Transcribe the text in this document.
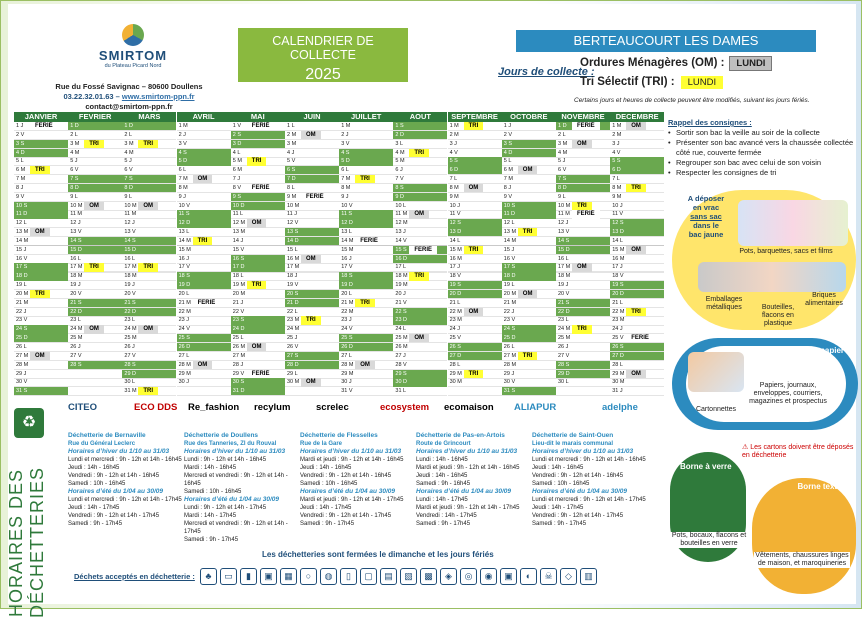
SMIRTOM
du Plateau Picard Nord
Rue du Fossé Savignac – 80600 Doullens
03.22.32.01.63 – www.smirtom-ppn.fr
contact@smirtom-ppn.fr
CALENDRIER DE COLLECTE
2025
BERTEAUCOURT LES DAMES
Jours de collecte :
Ordures Ménagères (OM) : LUNDI
Tri Sélectif (TRI) : LUNDI
Certains jours et heures de collecte peuvent être modifiés, suivant les jours fériés.
JANVIER
1 J	FERIÉ
2 V
3 S
4 D
5 L
6 M	TRI
7 M
8 J
9 V
10 S
11 D
12 L
13 M	OM
14 M
15 J
16 V
17 S
18 D
19 L
20 M	TRI
21 M
22 J
23 V
24 S
25 D
26 L
27 M	OM
28 M
29 J
30 V
31 S
FEVRIER
1 D
2 L
3 M	TRI
4 M
5 J
6 V
7 S
8 D
9 L
10 M	OM
11 M
12 J
13 V
14 S
15 D
16 L
17 M	TRI
18 M
19 J
20 V
21 S
22 D
23 L
24 M	OM
25 M
26 J
27 V
28 S
MARS
1 D
2 L
3 M	TRI
4 M
5 J
6 V
7 S
8 D
9 L
10 M	OM
11 M
12 J
13 V
14 S
15 D
16 L
17 M	TRI
18 M
19 J
20 V
21 S
22 D
23 L
24 M	OM
25 M
26 J
27 V
28 S
29 D
30 L
31 M	TRI
AVRIL
1 M
2 J
3 V
4 S
5 D
6 L
7 M	OM
8 M
9 J
10 V
11 S
12 D
13 L
14 M	TRI
15 M
16 J
17 V
18 S
19 D
20 L
21 M	FERIÉ
22 M
23 J
24 V
25 S
26 D
27 L
28 M	OM
29 M
30 J
MAI
1 V	FERIÉ
2 S
3 D
4 L
5 M	TRI
6 M
7 J
8 V	FERIÉ
9 S
10 D
11 L
12 M	OM
13 M
14 J
15 V
16 S
17 D
18 L
19 M	TRI
20 M
21 J
22 V
23 S
24 D
25 L
26 M	OM
27 M
28 J
29 V	FERIÉ
30 S
31 D
JUIN
1 L
2 M	OM
3 M
4 J
5 V
6 S
7 D
8 L
9 M	FERIÉ
10 M
11 J
12 V
13 S
14 D
15 L
16 M	OM
17 M
18 J
19 V
20 S
21 D
22 L
23 M	TRI
24 M
25 J
26 V
27 S
28 D
29 L
30 M	OM
JUILLET
1 M
2 J
3 V
4 S
5 D
6 L
7 M	TRI
8 M
9 J
10 V
11 S
12 D
13 L
14 M	FERIÉ
15 M
16 J
17 V
18 S
19 D
20 L
21 M	TRI
22 M
23 J
24 V
25 S
26 D
27 L
28 M	OM
29 M
30 J
31 V
AOUT
1 S
2 D
3 L
4 M	TRI
5 M
6 J
7 V
8 S
9 D
10 L
11 M	OM
12 M
13 J
14 V
15 S	FERIÉ
16 D
17 L
18 M	TRI
19 M
20 J
21 V
22 S
23 D
24 L
25 M	OM
26 M
27 J
28 V
29 S
30 D
31 L
SEPTEMBRE
1 M	TRI
2 M
3 J
4 V
5 S
6 D
7 L
8 M	OM
9 M
10 J
11 V
12 S
13 D
14 L
15 M	TRI
16 M
17 J
18 V
19 S
20 D
21 L
22 M	OM
23 M
24 J
25 V
26 S
27 D
28 L
29 M	TRI
30 M
OCTOBRE
1 J
2 V
3 S
4 D
5 L
6 M	OM
7 M
8 J
9 V
10 S
11 D
12 L
13 M	TRI
14 M
15 J
16 V
17 S
18 D
19 L
20 M	OM
21 M
22 J
23 V
24 S
25 D
26 L
27 M	TRI
28 M
29 J
30 V
31 S
NOVEMBRE
1 D	FERIÉ
2 L
3 M	OM
4 M
5 J
6 V
7 S
8 D
9 L
10 M	TRI
11 M	FERIÉ
12 J
13 V
14 S
15 D
16 L
17 M	OM
18 M
19 J
20 V
21 S
22 D
23 L
24 M	TRI
25 M
26 J
27 V
28 S
29 D
30 L
DECEMBRE
1 M	OM
2 M
3 J
4 V
5 S
6 D
7 L
8 M	TRI
9 M
10 J
11 V
12 S
13 D
14 L
15 M	OM
16 M
17 J
18 V
19 S
20 D
21 L
22 M	TRI
23 M
24 J
25 V	FERIÉ
26 S
27 D
28 L
29 M	OM
30 M
31 J
Rappel des consignes :
• Sortir son bac la veille au soir de la collecte
• Présenter son bac avancé vers la chaussée collectée côté rue, couverte fermée
• Regrouper son bac avec celui de son voisin
• Respecter les consignes de tri
A déposer
en vrac
sans sac
dans le
bac jaune
Pots, barquettes, sacs et films
Briques alimentaires
Emballages métalliques	Bouteilles, flacons en plastique
Borne papier
Cartonnettes
Papiers, journaux, enveloppes, courriers, magazines et prospectus
⚠ Les cartons doivent être déposés en déchetterie
Borne à verre
Pots, bocaux, flacons et bouteilles en verre
Borne textile
Vêtements, chaussures linges de maison, et maroquineries
CITEO	ECO DDS Re_fashion recylum	screlec	ecosystem ecomaison ALIAPUR	adelphe
♻
HORAIRES DES DÉCHETTERIES
Déchetterie de Bernaville
Rue du Général Leclerc
Horaires d’hiver du 1/10 au 31/03
Lundi et mercredi : 9h - 12h et 14h - 16h45
Jeudi : 14h - 16h45
Vendredi : 9h - 12h et 14h - 16h45
Samedi : 10h - 16h45
Horaires d’été du 1/04 au 30/09
Lundi et mercredi : 9h - 12h et 14h - 17h45
Jeudi : 14h - 17h45
Vendredi : 9h - 12h et 14h - 17h45
Samedi : 9h - 17h45
Déchetterie de Doullens
Rue des Tanneries, ZI du Rouval
Horaires d’hiver du 1/10 au 31/03
Lundi : 9h - 12h et 14h - 16h45
Mardi : 14h - 16h45
Mercredi et vendredi : 9h - 12h et 14h - 16h45
Samedi : 10h - 16h45
Horaires d’été du 1/04 au 30/09
Lundi : 9h - 12h et 14h - 17h45
Mardi : 14h - 17h45
Mercredi et vendredi : 9h - 12h et 14h - 17h45
Samedi : 9h - 17h45
Déchetterie de Flesselles
Rue de la Gare
Horaires d’hiver du 1/10 au 31/03
Mardi et jeudi : 9h - 12h et 14h - 16h45
Jeudi : 14h - 16h45
Vendredi : 9h - 12h et 14h - 16h45
Samedi : 10h - 16h45
Horaires d’été du 1/04 au 30/09
Mardi et jeudi : 9h - 12h et 14h - 17h45
Jeudi : 14h - 17h45
Vendredi : 9h - 12h et 14h - 17h45
Samedi : 9h - 17h45
Déchetterie de Pas-en-Artois
Route de Grincourt
Horaires d’hiver du 1/10 au 31/03
Lundi : 14h - 16h45
Mardi et jeudi : 9h - 12h et 14h - 16h45
Jeudi : 14h - 16h45
Samedi : 9h - 16h45
Horaires d’été du 1/04 au 30/09
Lundi : 14h - 17h45
Mardi et jeudi : 9h - 12h et 14h - 17h45
Vendredi : 14h - 17h45
Samedi : 9h - 17h45
Déchetterie de Saint-Ouen
Lieu-dit le marais communal
Horaires d’hiver du 1/10 au 31/03
Lundi et mercredi : 9h - 12h et 14h - 16h45
Jeudi : 14h - 16h45
Vendredi : 9h - 12h et 14h - 16h45
Samedi : 10h - 16h45
Horaires d’été du 1/04 au 30/09
Lundi et mercredi : 9h - 12h et 14h - 17h45
Jeudi : 14h - 17h45
Vendredi : 9h - 12h et 14h - 17h45
Samedi : 9h - 17h45
Les déchetteries sont fermées le dimanche et les jours fériés
Déchets acceptés en déchetterie :	♣ ▭ ▮ ▣ ▦ ○ ◍ ▯ ▢ ▤ ▧ ▩ ◈ ◎ ◉ ▣ ◐ ☠ ◇ ▥
